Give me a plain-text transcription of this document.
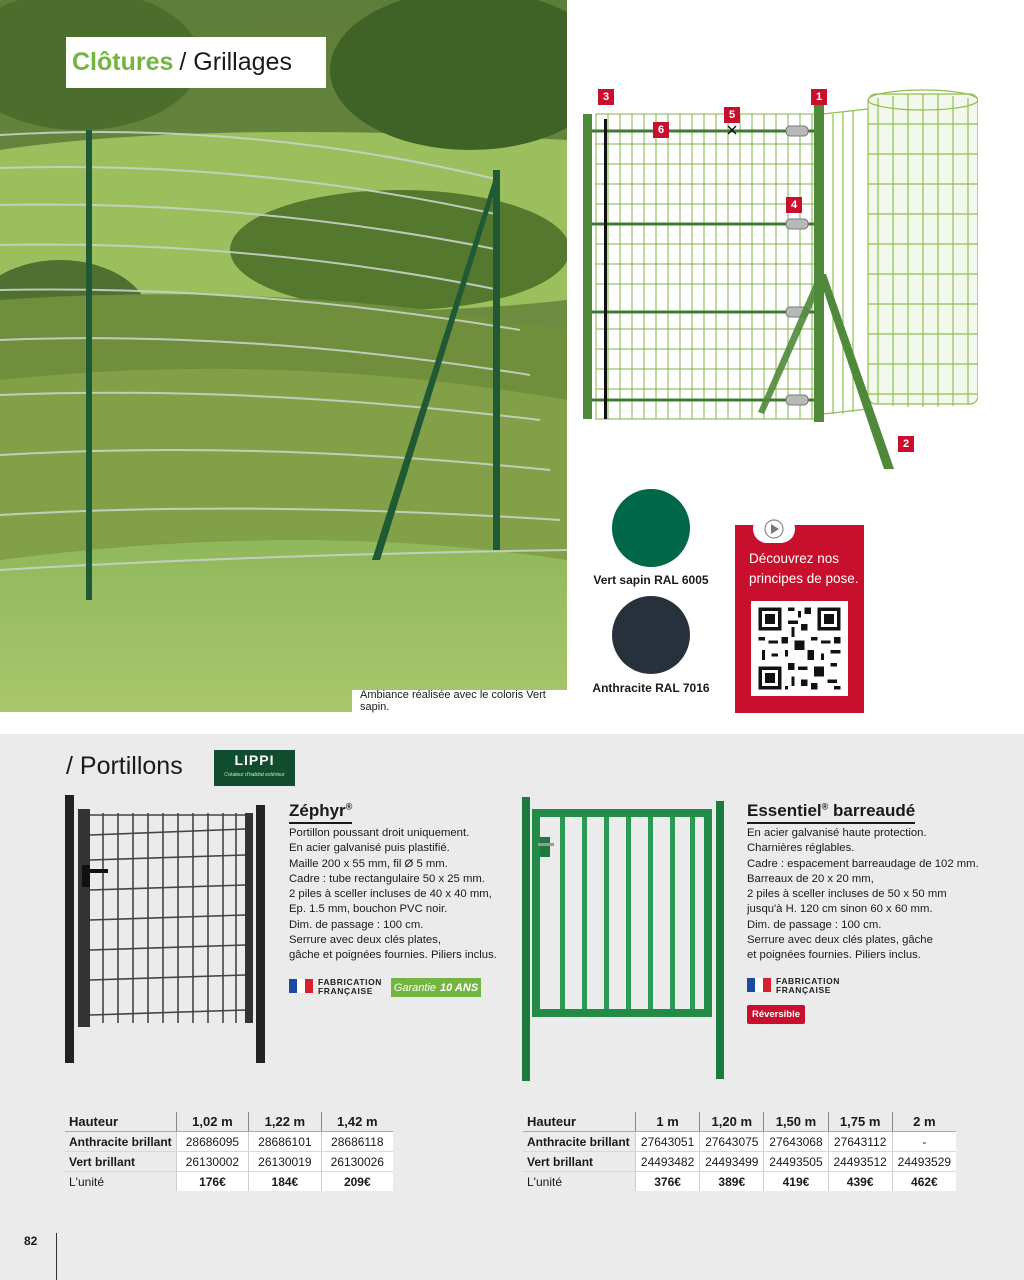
Clôtures / Grillages
Ambiance réalisée avec le coloris Vert sapin.
3	1
5
6
4
2
Vert sapin RAL 6005
Anthracite RAL 7016
Découvrez nos
principes de pose.
/ Portillons	LIPPI
Créateur d'habitat extérieur
Zéphyr®
Portillon poussant droit uniquement.
En acier galvanisé puis plastifié.
Maille 200 x 55 mm, fil Ø 5 mm.
Cadre : tube rectangulaire 50 x 25 mm.
2 piles à sceller incluses de 40 x 40 mm,
Ep. 1.5 mm, bouchon PVC noir.
Dim. de passage : 100 cm.
Serrure avec deux clés plates,
gâche et poignées fournies. Piliers inclus.
FABRICATION
FRANÇAISE	Garantie 10 ANS
Hauteur	1,02 m	1,22 m	1,42 m
Anthracite brillant	28686095	28686101	28686118
Vert brillant	26130002	26130019	26130026
L'unité	176€	184€	209€
Essentiel® barreaudé
En acier galvanisé haute protection.
Charnières réglables.
Cadre : espacement barreaudage de 102 mm.
Barreaux de 20 x 20 mm,
2 piles à sceller incluses de 50 x 50 mm
jusqu'à H. 120 cm sinon 60 x 60 mm.
Dim. de passage : 100 cm.
Serrure avec deux clés plates, gâche
et poignées fournies. Piliers inclus.
FABRICATION
FRANÇAISE
Réversible
Hauteur	1 m	1,20 m	1,50 m	1,75 m	2 m
Anthracite brillant	27643051	27643075	27643068	27643112	-
Vert brillant	24493482	24493499	24493505	24493512	24493529
L'unité	376€	389€	419€	439€	462€
82
